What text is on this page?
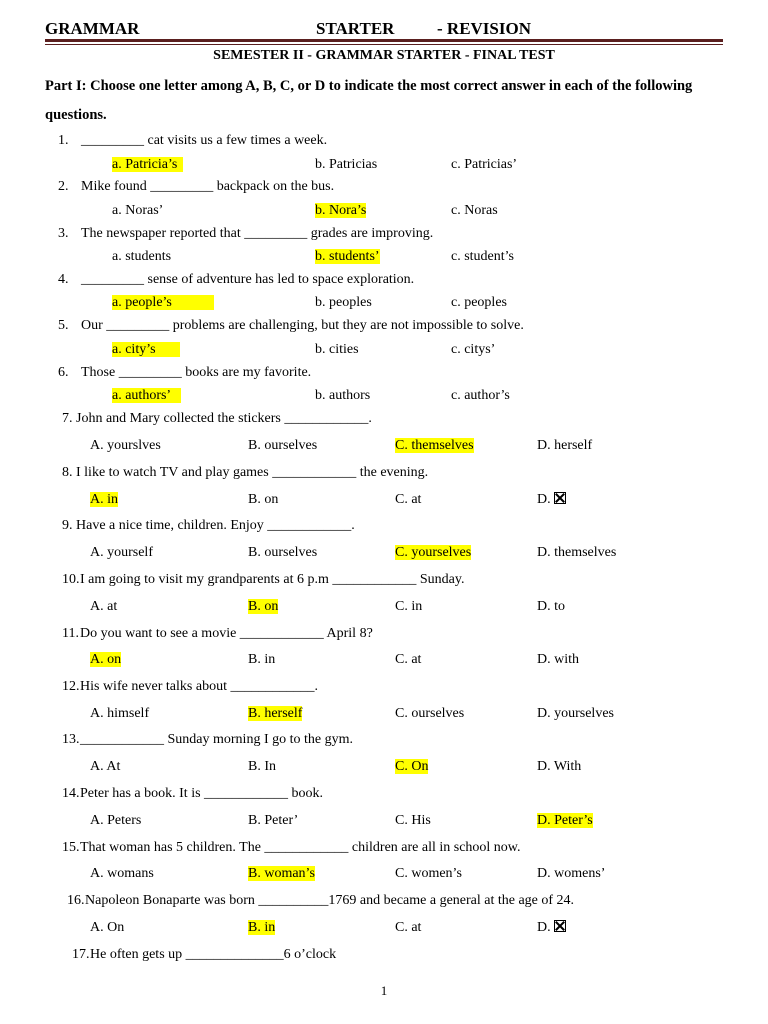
GRAMMAR	STARTER	- REVISION
SEMESTER II - GRAMMAR STARTER - FINAL TEST
Part I: Choose one letter among A, B, C, or D to indicate the most correct answer in each of the following
questions.
1. _________ cat visits us a few times a week.
a. Patricia’s	b. Patricias	c. Patricias’
2. Mike found _________ backpack on the bus.
a. Noras’	b. Nora’s	c. Noras
3. The newspaper reported that _________ grades are improving.
a. students	b. students’	c. student’s
4. _________ sense of adventure has led to space exploration.
a. people’s	b. peoples	c. peoples
5. Our _________ problems are challenging, but they are not impossible to solve.
a. city’s	b. cities	c. citys’
6. Those _________ books are my favorite.
a. authors’	b. authors	c. author’s
7. John and Mary collected the stickers ____________.
A. yourslves	B. ourselves	C. themselves	D. herself
8. I like to watch TV and play games ____________ the evening.
A. in	B. on	C. at	D.
9. Have a nice time, children. Enjoy ____________.
A. yourself	B. ourselves	C. yourselves	D. themselves
10. I am going to visit my grandparents at 6 p.m ____________ Sunday.
A. at	B. on	C. in	D. to
11. Do you want to see a movie ____________ April 8?
A. on	B. in	C. at	D. with
12. His wife never talks about ____________.
A. himself	B. herself	C. ourselves	D. yourselves
13. ____________ Sunday morning I go to the gym.
A. At	B. In	C. On	D. With
14. Peter has a book. It is ____________ book.
A. Peters	B. Peter’	C. His	D. Peter’s
15. That woman has 5 children. The ____________ children are all in school now.
A. womans	B. woman’s	C. women’s	D. womens’
16. Napoleon Bonaparte was born __________1769 and became a general at the age of 24.
A. On	B. in	C. at	D.
17. He often gets up ______________6 o’clock
1
